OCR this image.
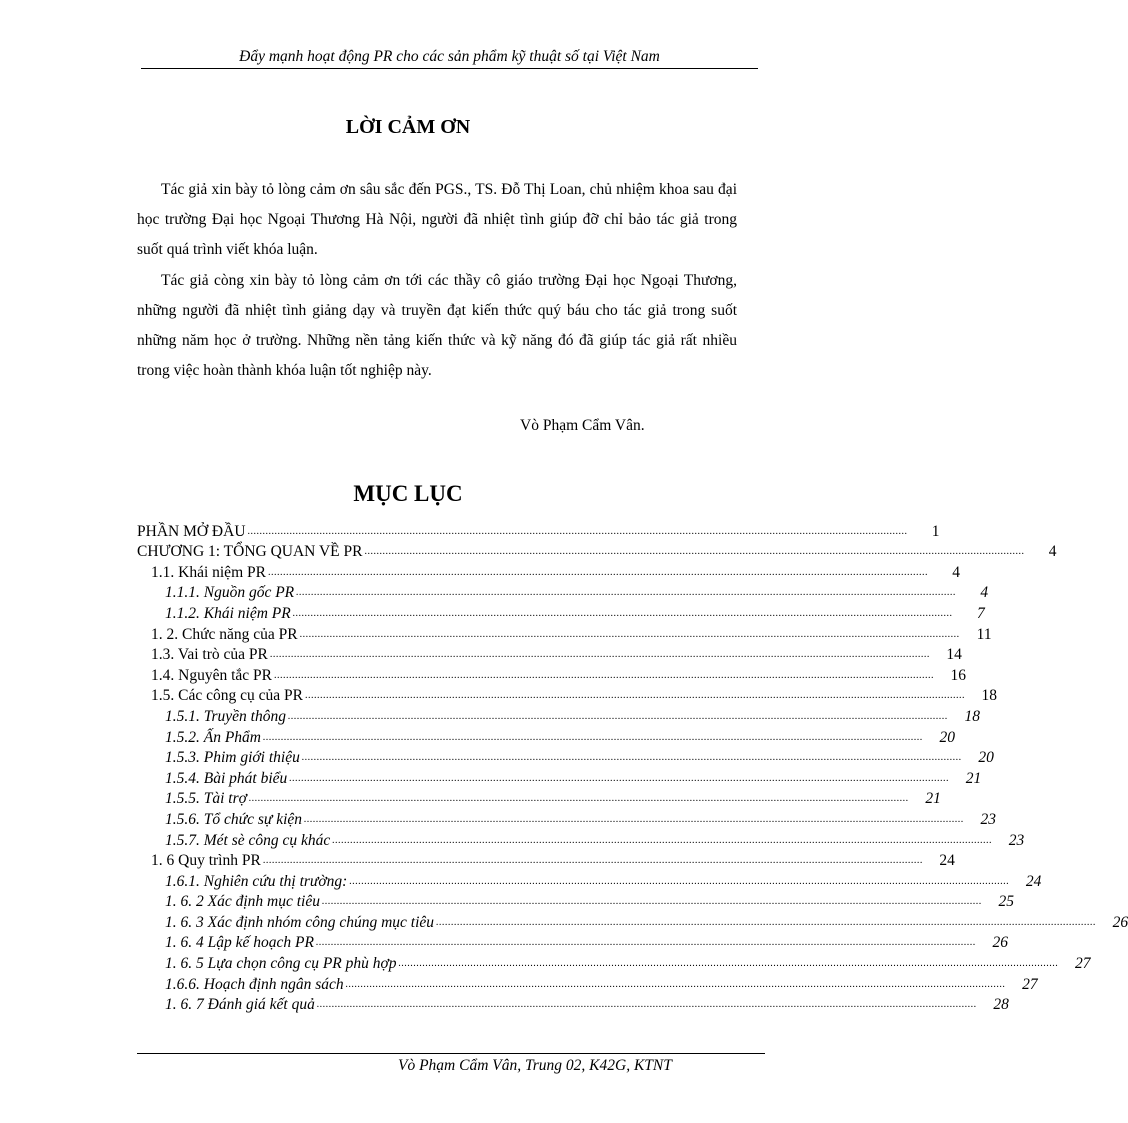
Đẩy mạnh hoạt động PR cho các sản phẩm kỹ thuật số tại Việt Nam
LỜI CẢM ƠN
Tác giả xin bày tỏ lòng cảm ơn sâu sắc đến PGS., TS. Đỗ Thị Loan, chủ nhiệm khoa sau đại học trường Đại học Ngoại Thương Hà Nội, người đã nhiệt tình giúp đỡ chỉ bảo tác giả trong suốt quá trình viết khóa luận.
Tác giả còng xin bày tỏ lòng cảm ơn tới các thầy cô giáo trường Đại học Ngoại Thương, những người đã nhiệt tình giảng dạy và truyền đạt kiến thức quý báu cho tác giả trong suốt những năm học ở trường. Những nền tảng kiến thức và kỹ năng đó đã giúp tác giả rất nhiều trong việc hoàn thành khóa luận tốt nghiệp này.
Vò Phạm Cẩm Vân.
MỤC LỤC
PHẦN MỞ ĐẦU ............................................................................................................................................................................................................................	1
CHƯƠNG 1: TỔNG QUAN VỀ PR ............................................................................................................................................................................................................................	4
1.1. Khái niệm PR ............................................................................................................................................................................................................................	4
1.1.1. Nguồn gốc PR ............................................................................................................................................................................................................................	4
1.1.2. Khái niệm PR ............................................................................................................................................................................................................................	7
1. 2. Chức năng của PR ............................................................................................................................................................................................................................	11
1.3. Vai trò của PR ............................................................................................................................................................................................................................	14
1.4. Nguyên tắc PR ............................................................................................................................................................................................................................	16
1.5. Các công cụ của PR ............................................................................................................................................................................................................................	18
1.5.1. Truyền thông ............................................................................................................................................................................................................................	18
1.5.2. Ấn Phẩm ............................................................................................................................................................................................................................	20
1.5.3. Phim giới thiệu ............................................................................................................................................................................................................................	20
1.5.4. Bài phát biểu ............................................................................................................................................................................................................................	21
1.5.5. Tài trợ ............................................................................................................................................................................................................................	21
1.5.6. Tổ chức sự kiện ............................................................................................................................................................................................................................	23
1.5.7. Mét sè công cụ khác ............................................................................................................................................................................................................................	23
1. 6 Quy trình PR ............................................................................................................................................................................................................................	24
1.6.1. Nghiên cứu thị trường: ............................................................................................................................................................................................................................	24
1. 6. 2 Xác định mục tiêu ............................................................................................................................................................................................................................	25
1. 6. 3 Xác định nhóm công chúng mục tiêu ............................................................................................................................................................................................................................	26
1. 6. 4 Lập kế hoạch PR ............................................................................................................................................................................................................................	26
1. 6. 5 Lựa chọn công cụ PR phù hợp ............................................................................................................................................................................................................................	27
1.6.6. Hoạch định ngân sách ............................................................................................................................................................................................................................	27
1. 6. 7 Đánh giá kết quả ............................................................................................................................................................................................................................	28
Vò Phạm Cẩm Vân, Trung 02, K42G, KTNT
